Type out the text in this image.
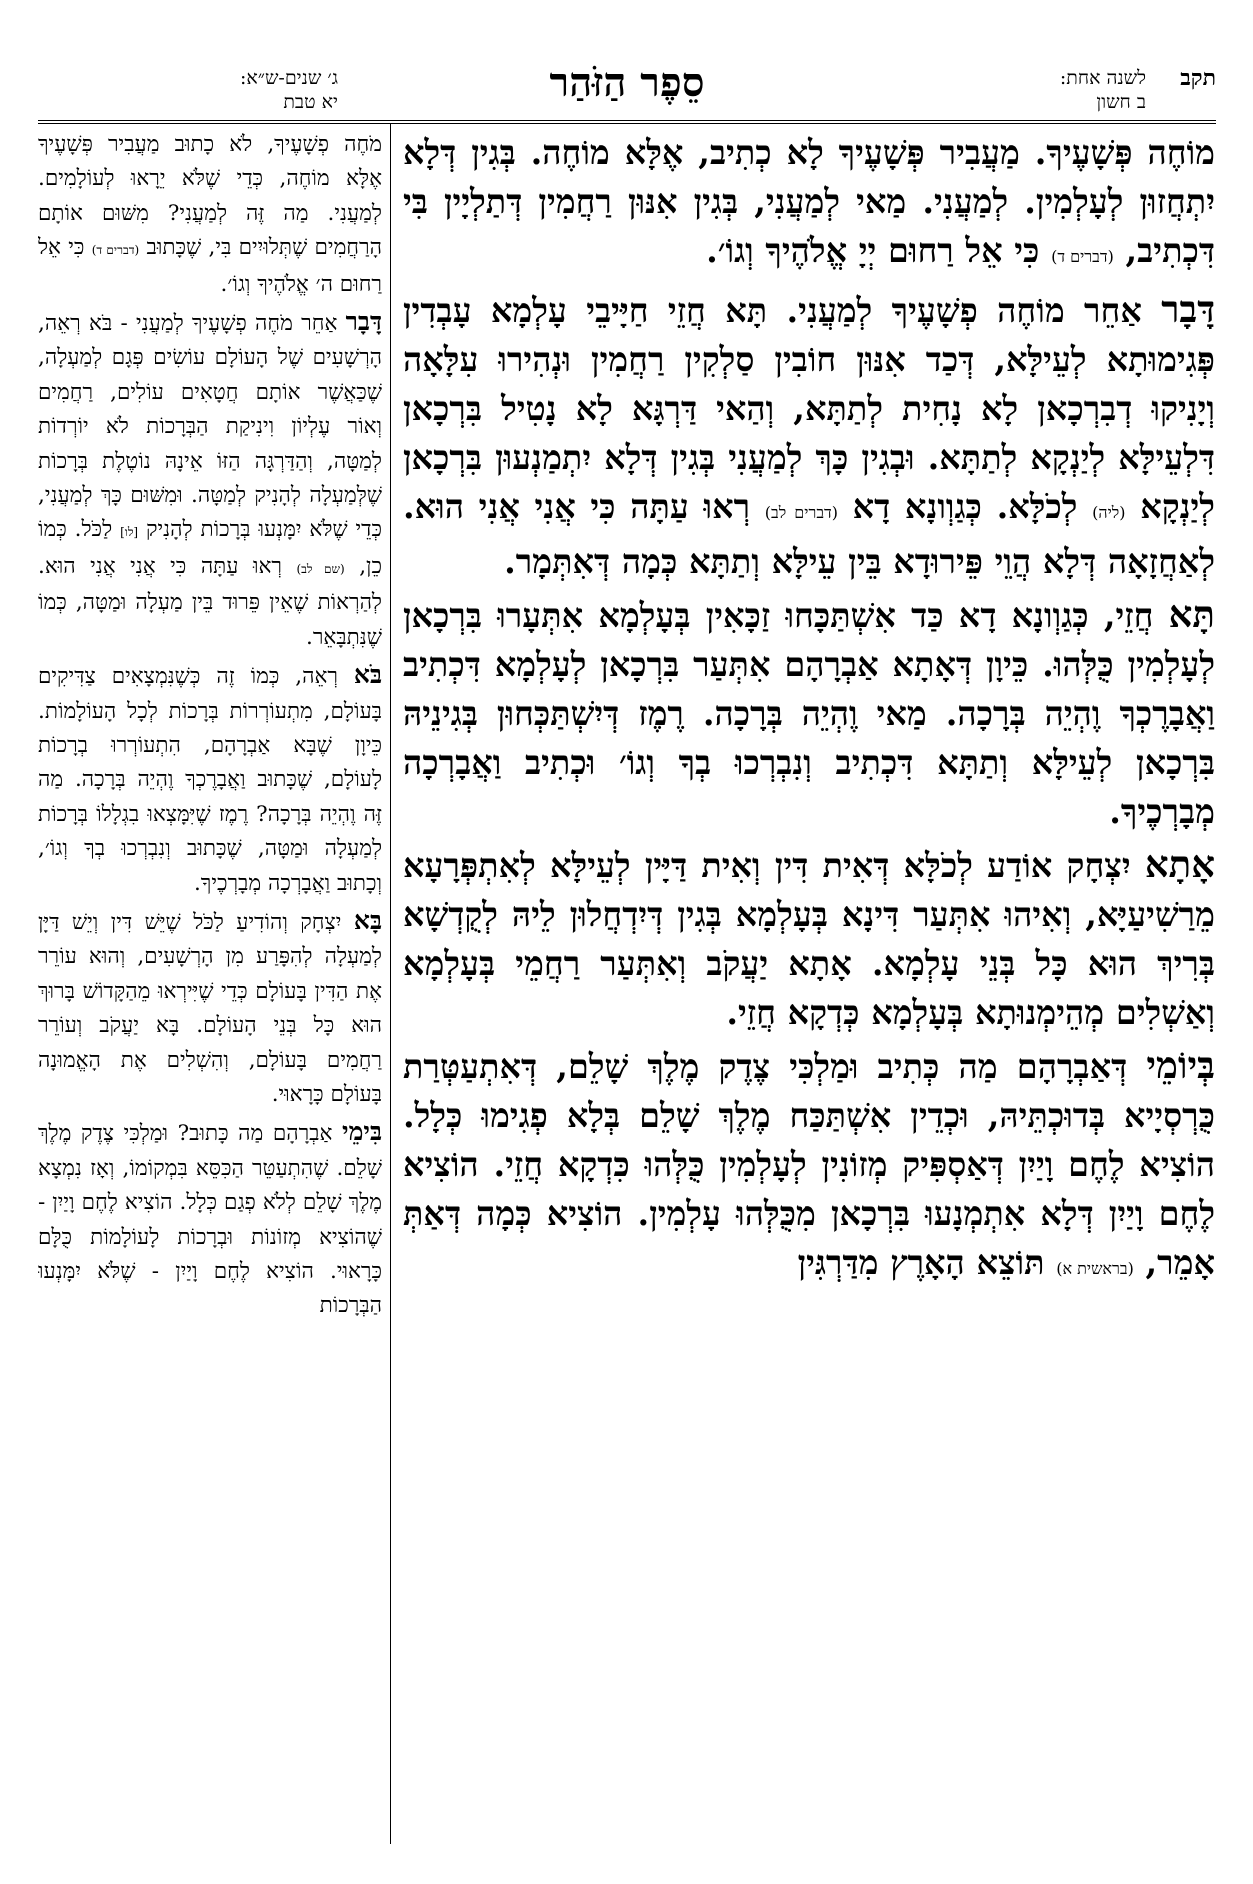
תקב
לשנה אחת:
ב חשון
סֵפֶר הַזֹּהַר
ג׳ שנים-ש״א:
יא טבת

מוֹחֶה פְּשָׁעֶיךָ. מַעֲבִיר פְּשָׁעֶיךָ לָא כְתִיב, אֶלָּא מוֹחֶה. בְּגִין דְּלָא יִתְחֲזוּן לְעָלְמִין. לְמַעֲנִי. מַאי לְמַעֲנִי, בְּגִין אִנּוּן רַחֲמִין דְּתַלְיָין בִּי דִּכְתִיב, (דברים ד) כִּי אֵל רַחוּם יְיָ אֱלֹהֶיךָ וְגוֹ׳.

דָּבָר אַחֵר מוֹחֶה פְשָׁעֶיךָ לְמַעֲנִי. תָּא חֲזֵי חַיָּיבֵי עָלְמָא עָבְדִין פְּגִימוּתָא לְעֵילָּא, דְּכַד אִנּוּן חוֹבִין סַלְקִין רַחֲמִין וּנְהִירוּ עִלָּאָה וְיָנִיקוּ דְבִרְכָאן לָא נָחִית לְתַתָּא, וְהַאי דַּרְגָּא לָא נָטִיל בִּרְכָאן דִּלְעֵילָּא לְיַנְקָא לְתַתָּא. וּבְגִין כָּךְ לְמַעֲנִי בְּגִין דְּלָא יִתְמַנְעוּן בִּרְכָאן לְיַנְקָא (ליה) לְכֹלָּא. כְּגַוְונָא דָא (דברים לב) רְאוּ עַתָּה כִּי אֲנִי אֲנִי הוּא. לְאַחֲזָאָה דְּלָא הֲוֵי פֵּירוּדָא בֵּין עֵילָּא וְתַתָּא כְּמָה דְּאִתְּמָר.

תָּא חֲזֵי, כְּגַוְונָא דָא כַּד אִשְׁתַּכָּחוּ זַכָּאִין בְּעָלְמָא אִתְּעָרוּ בִּרְכָאן לְעָלְמִין כֻּלְּהוּ. כֵּיוָן דְּאָתָא אַבְרָהָם אִתְּעַר בִּרְכָאן לְעָלְמָא דִּכְתִיב וַאֲבָרֶכְךָ וֶהְיֵה בְּרָכָה. מַאי וֶהְיֵה בְּרָכָה. רֶמֶז דְּיִשְׁתַּכְּחוּן בְּגִינֵיהּ בִּרְכָאן לְעֵילָּא וְתַתָּא דִּכְתִיב וְנִבְרְכוּ בְךָ וְגוֹ׳ וּכְתִיב וַאֲבָרְכָה מְבָרְכֶיךָ.

אָתָא יִצְחָק אוֹדַע לְכֹלָּא דְּאִית דִּין וְאִית דַּיָּין לְעֵילָּא לְאִתְפְּרָעָא מֵרַשִׁיעַיָּא, וְאִיהוּ אִתְּעַר דִּינָא בְּעָלְמָא בְּגִין דְּיִדְחֲלוּן לֵיהּ לְקֻדְשָׁא בְּרִיךְ הוּא כָּל בְּנֵי עָלְמָא. אָתָא יַעֲקֹב וְאִתְּעַר רַחֲמֵי בְּעָלְמָא וְאַשְׁלִים מְהֵימְנוּתָא בְּעָלְמָא כְּדְקָא חֲזֵי.

בְּיוֹמֵי דְּאַבְרָהָם מַה כְּתִיב וּמַלְכִּי צֶדֶק מֶלֶךְ שָׁלֵם, דְּאִתְעַטְּרַת כֻּרְסְיָיא בְּדוּכְתֵּיהּ, וּכְדֵין אִשְׁתַּכַּח מֶלֶךְ שָׁלֵם בְּלָא פְגִימוּ כְּלָל. הוֹצִיא לֶחֶם וָיַיִן דְּאַסְפִּיק מְזוֹנִין לְעָלְמִין כֻּלְּהוּ כִּדְקָא חֲזֵי. הוֹצִיא לֶחֶם וָיַיִן דְּלָא אִתְמְנָעוּ בִּרְכָאן מִכֻּלְּהוּ עָלְמִין. הוֹצִיא כְּמָה דְּאַתְּ אָמֵר, (בראשית א) תּוֹצֵא הָאָרֶץ מִדַּרְגִּין

מֹחֶה פְשָׁעֶיךָ, לֹא כָתוּב מַעֲבִיר פְּשָׁעֶיךָ אֶלָּא מוֹחֶה, כְּדֵי שֶׁלֹּא יֵרָאוּ לְעוֹלָמִים. לְמַעֲנִי. מַה זֶּה לְמַעֲנִי? מִשּׁוּם אוֹתָם הָרַחֲמִים שֶׁתְּלוּיִים בִּי, שֶׁכָּתוּב (דברים ד) כִּי אֵל רַחוּם ה׳ אֱלֹהֶיךָ וְגוֹ׳.

דָּבָר אַחֵר מֹחֶה פְשָׁעֶיךָ לְמַעֲנִי - בֹּא רְאֵה, הָרְשָׁעִים שֶׁל הָעוֹלָם עוֹשִׂים פְּגָם לְמַעְלָה, שֶׁכַּאֲשֶׁר אוֹתָם חֲטָאִים עוֹלִים, רַחֲמִים וְאוֹר עֶלְיוֹן וִינִיקַת הַבְּרָכוֹת לֹא יוֹרְדוֹת לְמַטָּה, וְהַדַּרְגָּה הַזּוֹ אֵינָהּ נוֹטֶלֶת בְּרָכוֹת שֶׁלְּמַעְלָה לְהָנִיק לְמַטָּה. וּמִשּׁוּם כָּךְ לְמַעֲנִי, כְּדֵי שֶׁלֹּא יִמָּנְעוּ בְּרָכוֹת לְהָנִיק [לו] לַכֹּל. כְּמוֹ כֵן, (שם לב) רְאוּ עַתָּה כִּי אֲנִי אֲנִי הוּא. לְהַרְאוֹת שֶׁאֵין פֵּרוּד בֵּין מַעְלָה וּמַטָּה, כְּמוֹ שֶׁנִּתְבָּאֵר.

בֹּא רְאֵה, כְּמוֹ זֶה כְּשֶׁנִּמְצָאִים צַדִּיקִים בָּעוֹלָם, מִתְעוֹרְרוֹת בְּרָכוֹת לְכָל הָעוֹלָמוֹת. כֵּיוָן שֶׁבָּא אַבְרָהָם, הִתְעוֹרְרוּ בְרָכוֹת לָעוֹלָם, שֶׁכָּתוּב וַאֲבָרֶכְךָ וֶהְיֵה בְּרָכָה. מַה זֶּה וֶהְיֵה בְּרָכָה? רֶמֶז שֶׁיִּמָּצְאוּ בִגְלָלוֹ בְּרָכוֹת לְמַעְלָה וּמַטָּה, שֶׁכָּתוּב וְנִבְרְכוּ בְךָ וְגוֹ׳, וְכָתוּב וַאֲבָרְכָה מְבָרְכֶיךָ.

בָּא יִצְחָק וְהוֹדִיעַ לַכֹּל שֶׁיֵּשׁ דִּין וְיֵשׁ דַּיָּן לְמַעְלָה לְהִפָּרַע מִן הָרְשָׁעִים, וְהוּא עוֹרֵר אֶת הַדִּין בָּעוֹלָם כְּדֵי שֶׁיִּירְאוּ מֵהַקָּדוֹשׁ בָּרוּךְ הוּא כָּל בְּנֵי הָעוֹלָם. בָּא יַעֲקֹב וְעוֹרֵר רַחֲמִים בָּעוֹלָם, וְהִשְׁלִים אֶת הָאֱמוּנָה בָּעוֹלָם כָּרָאוּי.

בִּימֵי אַבְרָהָם מַה כָּתוּב? וּמַלְכִּי צֶדֶק מֶלֶךְ שָׁלֵם. שֶׁהִתְעַטֵּר הַכִּסֵּא בִּמְקוֹמוֹ, וְאָז נִמְצָא מֶלֶךְ שָׁלֵם לְלֹא פְגַם כְּלָל. הוֹצִיא לֶחֶם וָיַיִן - שֶׁהוֹצִיא מְזוֹנוֹת וּבְרָכוֹת לָעוֹלָמוֹת כֻּלָּם כָּרָאוּי. הוֹצִיא לֶחֶם וָיַיִן - שֶׁלֹּא יִמָּנְעוּ הַבְּרָכוֹת
